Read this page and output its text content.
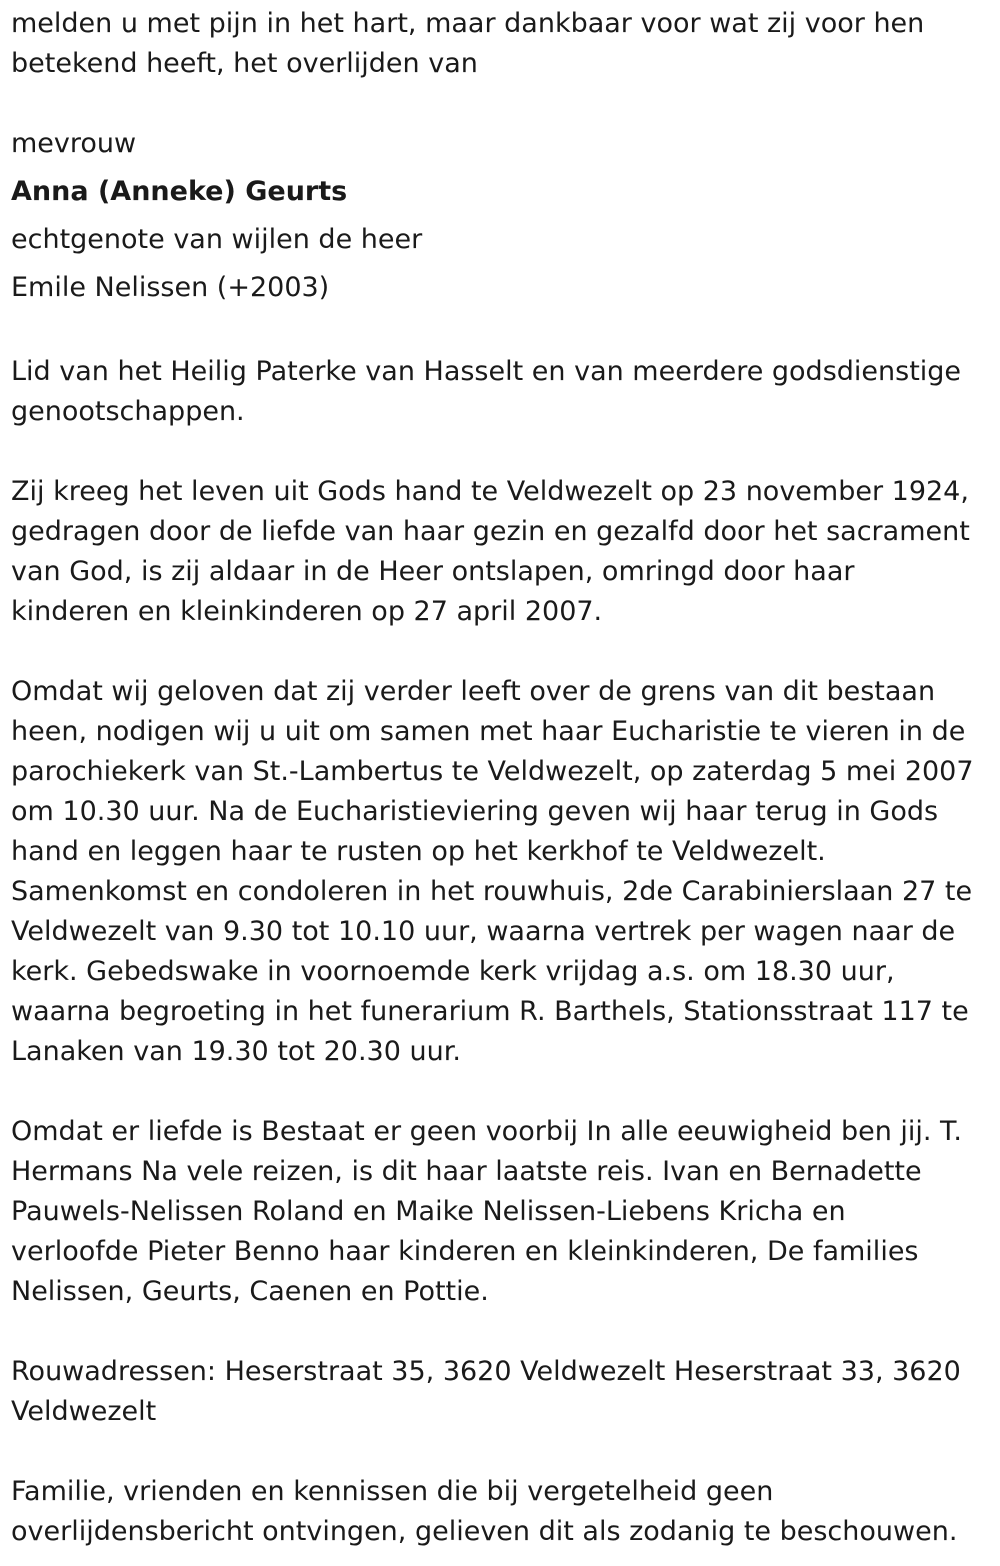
melden u met pijn in het hart, maar dankbaar voor wat zij voor hen betekend heeft, het overlijden van

mevrouw
Anna (Anneke) Geurts
echtgenote van wijlen de heer
Emile Nelissen (+2003)

Lid van het Heilig Paterke van Hasselt en van meerdere godsdienstige genootschappen.

Zij kreeg het leven uit Gods hand te Veldwezelt op 23 november 1924, gedragen door de liefde van haar gezin en gezalfd door het sacrament van God, is zij aldaar in de Heer ontslapen, omringd door haar kinderen en kleinkinderen op 27 april 2007.

Omdat wij geloven dat zij verder leeft over de grens van dit bestaan heen, nodigen wij u uit om samen met haar Eucharistie te vieren in de parochiekerk van St.-Lambertus te Veldwezelt, op zaterdag 5 mei 2007 om 10.30 uur. Na de Eucharistieviering geven wij haar terug in Gods hand en leggen haar te rusten op het kerkhof te Veldwezelt. Samenkomst en condoleren in het rouwhuis, 2de Carabinierslaan 27 te Veldwezelt van 9.30 tot 10.10 uur, waarna vertrek per wagen naar de kerk. Gebedswake in voornoemde kerk vrijdag a.s. om 18.30 uur, waarna begroeting in het funerarium R. Barthels, Stationsstraat 117 te Lanaken van 19.30 tot 20.30 uur.

Omdat er liefde is Bestaat er geen voorbij In alle eeuwigheid ben jij. T. Hermans Na vele reizen, is dit haar laatste reis. Ivan en Bernadette Pauwels-Nelissen Roland en Maike Nelissen-Liebens Kricha en verloofde Pieter Benno haar kinderen en kleinkinderen, De families Nelissen, Geurts, Caenen en Pottie.

Rouwadressen: Heserstraat 35, 3620 Veldwezelt Heserstraat 33, 3620 Veldwezelt

Familie, vrienden en kennissen die bij vergetelheid geen overlijdensbericht ontvingen, gelieven dit als zodanig te beschouwen.
